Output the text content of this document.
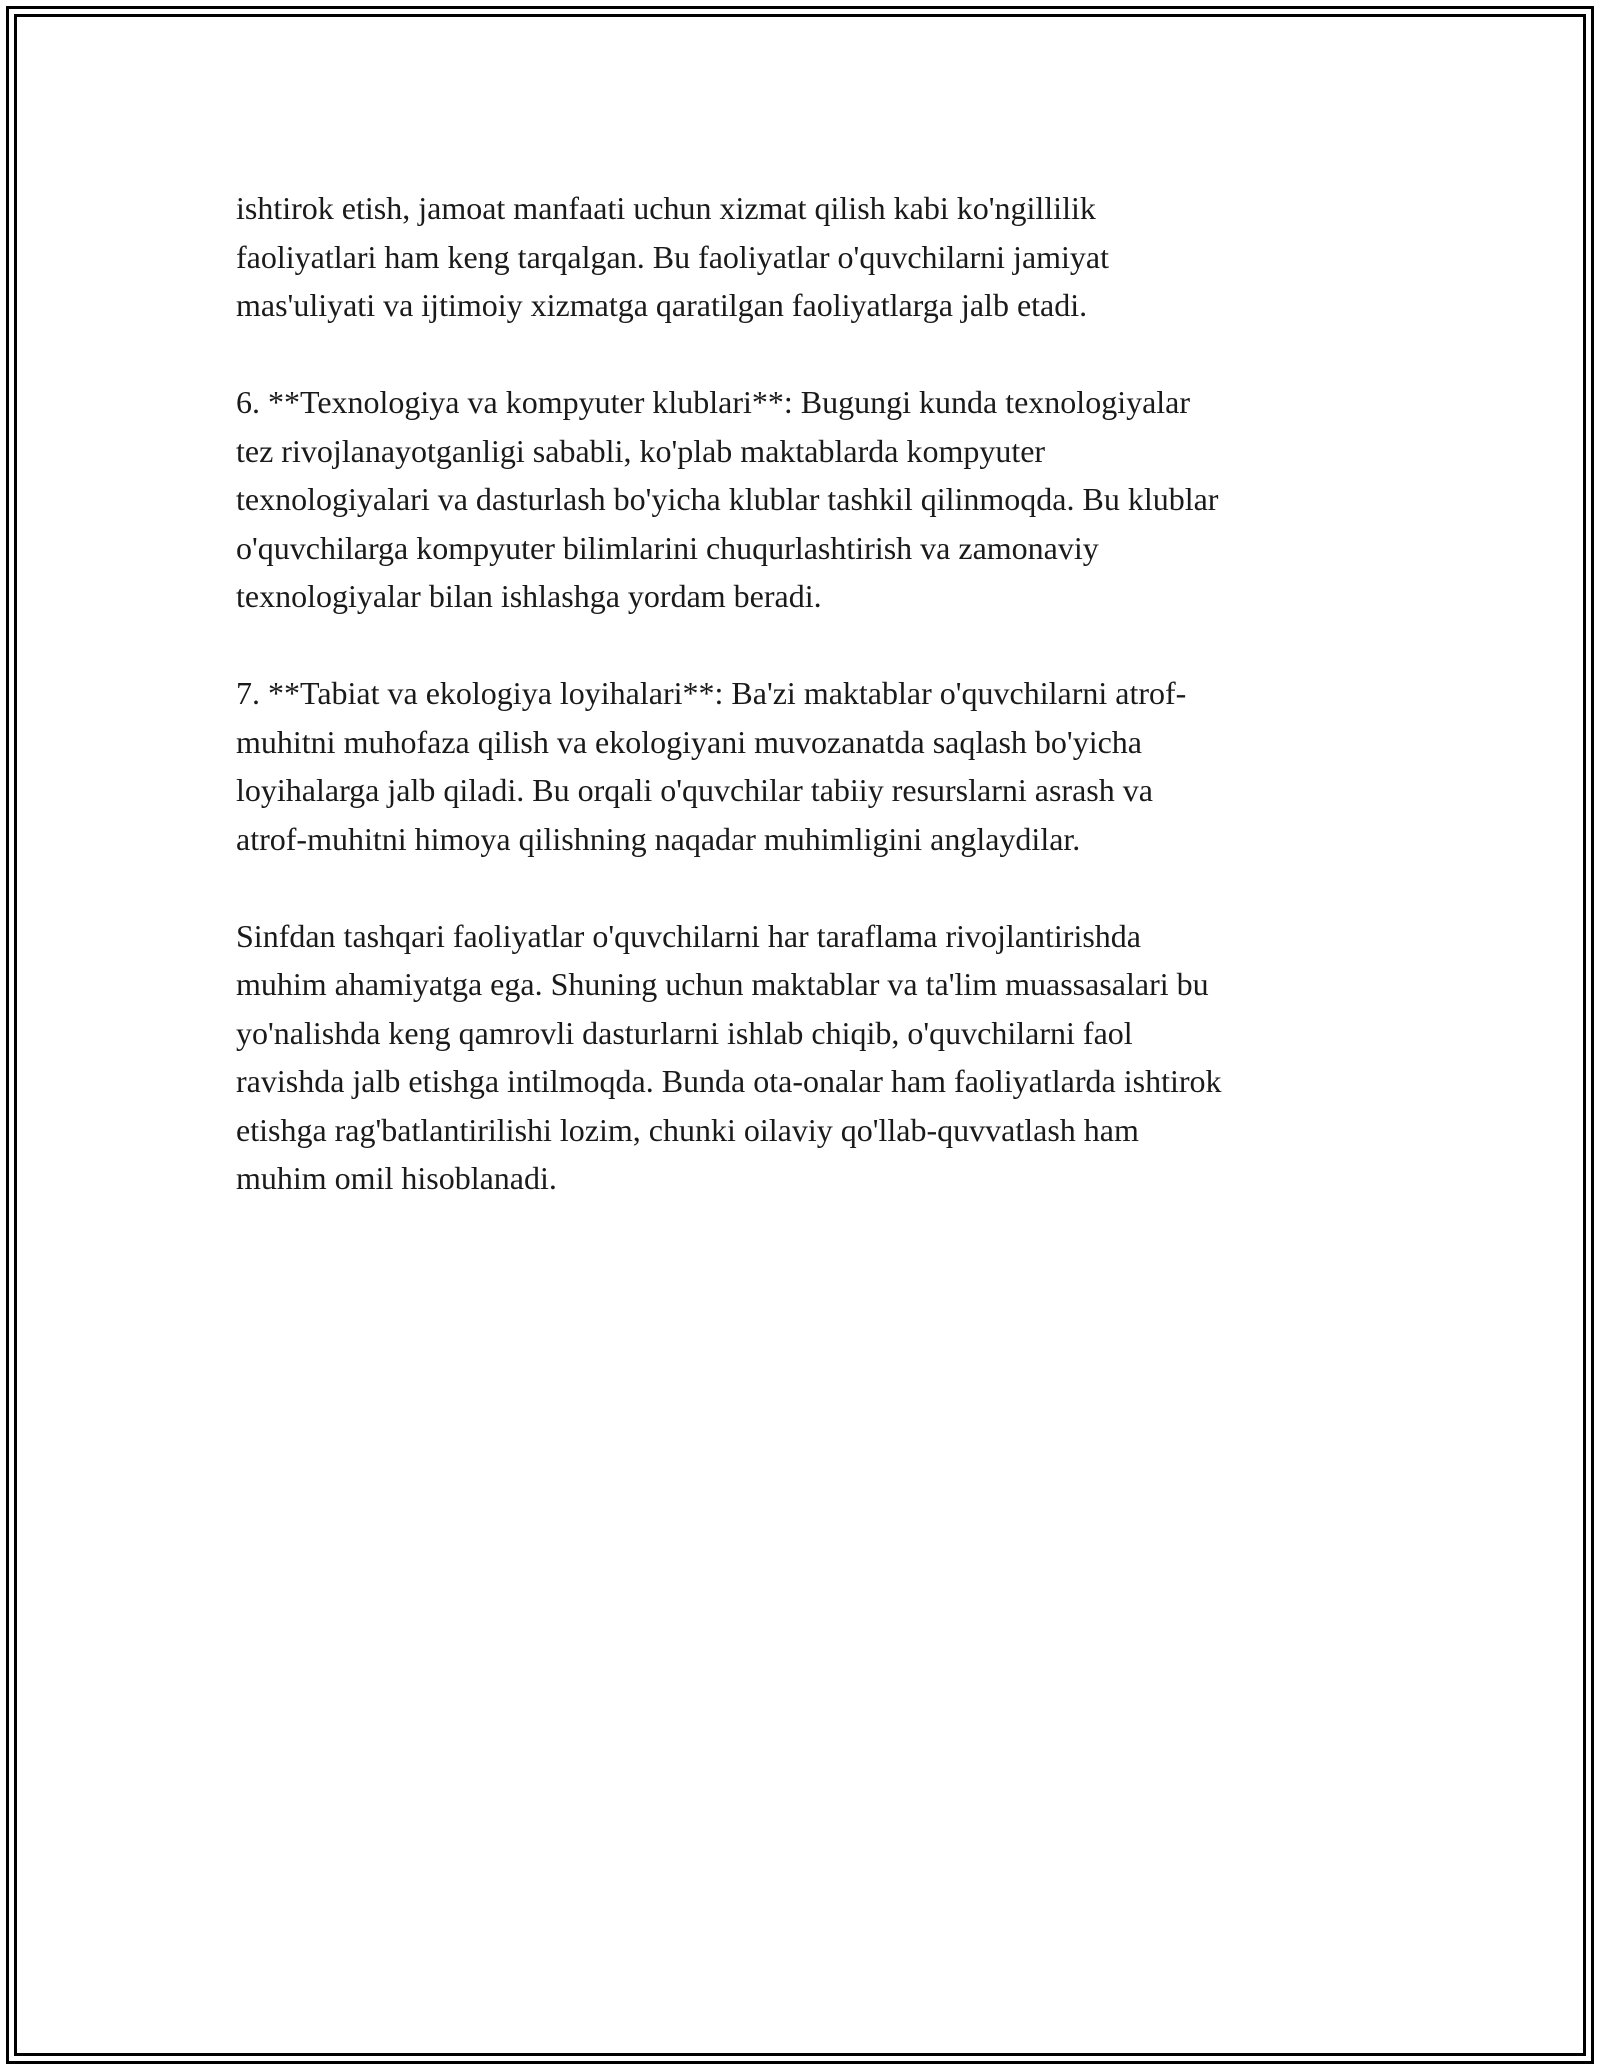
ishtirok etish, jamoat manfaati uchun xizmat qilish kabi ko'ngillilik
faoliyatlari ham keng tarqalgan. Bu faoliyatlar o'quvchilarni jamiyat
mas'uliyati va ijtimoiy xizmatga qaratilgan faoliyatlarga jalb etadi.

6. **Texnologiya va kompyuter klublari**: Bugungi kunda texnologiyalar
tez rivojlanayotganligi sababli, ko'plab maktablarda kompyuter
texnologiyalari va dasturlash bo'yicha klublar tashkil qilinmoqda. Bu klublar
o'quvchilarga kompyuter bilimlarini chuqurlashtirish va zamonaviy
texnologiyalar bilan ishlashga yordam beradi.

7. **Tabiat va ekologiya loyihalari**: Ba'zi maktablar o'quvchilarni atrof-
muhitni muhofaza qilish va ekologiyani muvozanatda saqlash bo'yicha
loyihalarga jalb qiladi. Bu orqali o'quvchilar tabiiy resurslarni asrash va
atrof-muhitni himoya qilishning naqadar muhimligini anglaydilar.

Sinfdan tashqari faoliyatlar o'quvchilarni har taraflama rivojlantirishda
muhim ahamiyatga ega. Shuning uchun maktablar va ta'lim muassasalari bu
yo'nalishda keng qamrovli dasturlarni ishlab chiqib, o'quvchilarni faol
ravishda jalb etishga intilmoqda. Bunda ota-onalar ham faoliyatlarda ishtirok
etishga rag'batlantirilishi lozim, chunki oilaviy qo'llab-quvvatlash ham
muhim omil hisoblanadi.
